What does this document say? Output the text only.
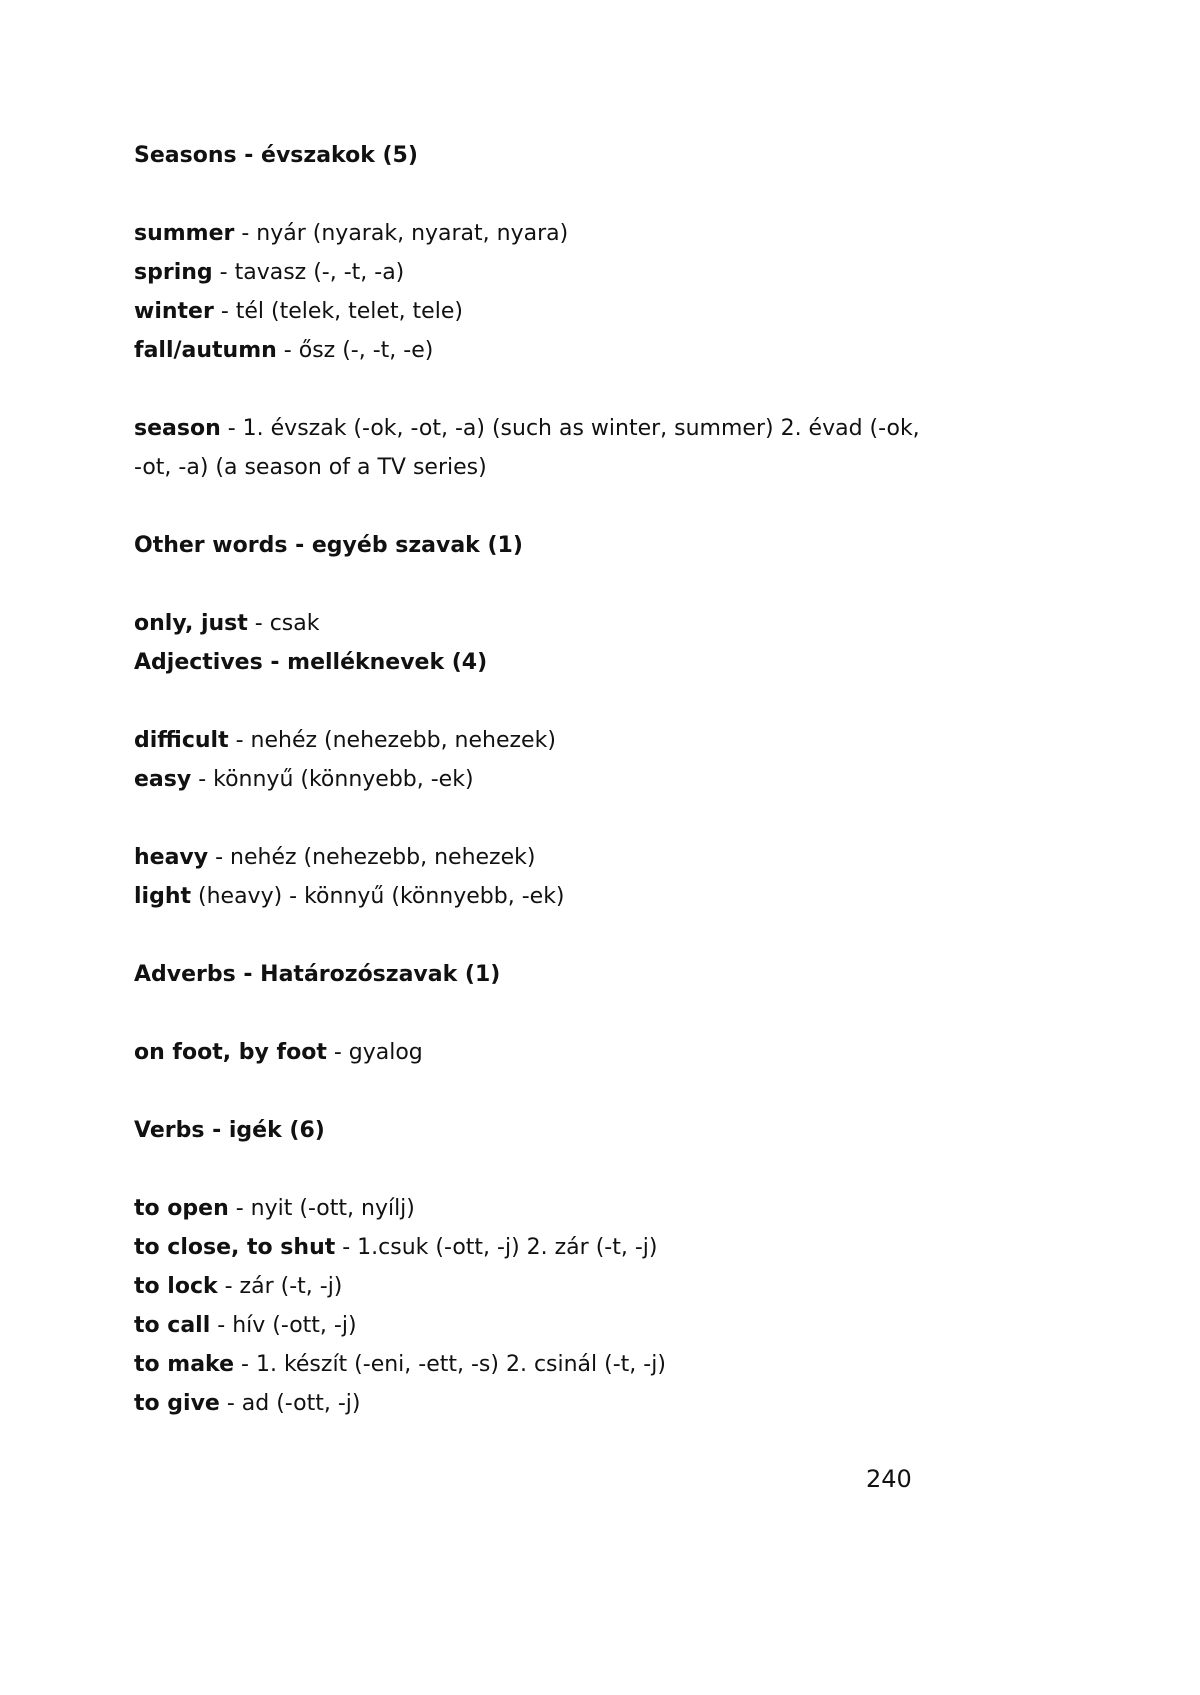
Seasons - évszakok (5)
summer - nyár (nyarak, nyarat, nyara)
spring - tavasz (-, -t, -a)
winter - tél (telek, telet, tele)
fall/autumn - ősz (-, -t, -e)
season - 1. évszak (-ok, -ot, -a) (such as winter, summer) 2. évad (-ok, -ot, -a) (a season of a TV series)
Other words - egyéb szavak (1)
only, just - csak
Adjectives - melléknevek (4)
difficult - nehéz (nehezebb, nehezek)
easy - könnyű (könnyebb, -ek)
heavy - nehéz (nehezebb, nehezek)
light (heavy) - könnyű (könnyebb, -ek)
Adverbs - Határozószavak (1)
on foot, by foot - gyalog
Verbs - igék (6)
to open - nyit (-ott, nyílj)
to close, to shut - 1.csuk (-ott, -j) 2. zár (-t, -j)
to lock - zár (-t, -j)
to call - hív (-ott, -j)
to make - 1. készít (-eni, -ett, -s) 2. csinál (-t, -j)
to give - ad (-ott, -j)
240
